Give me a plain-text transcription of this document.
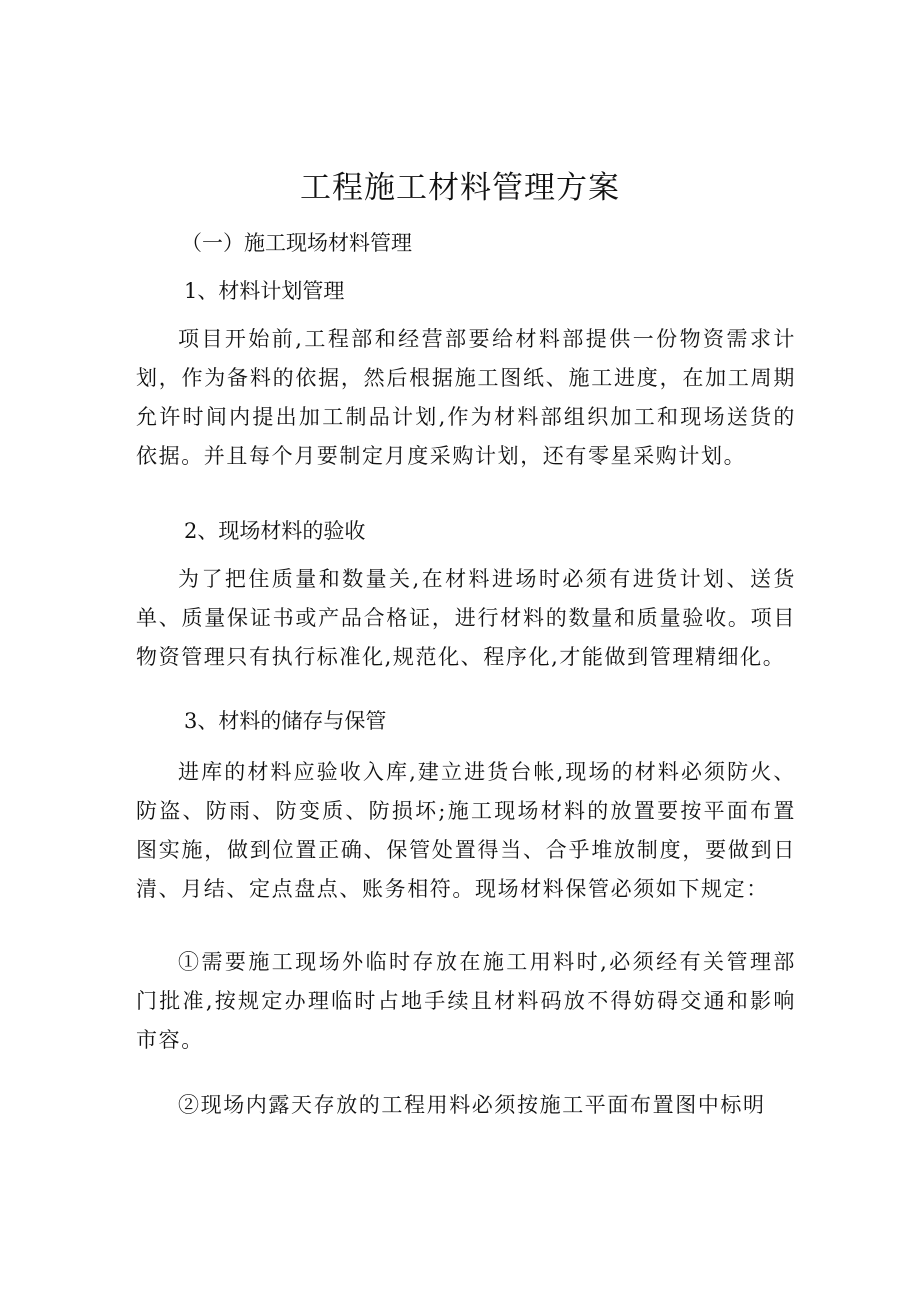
工程施工材料管理方案
（一）施工现场材料管理
1、材料计划管理
项目开始前,工程部和经营部要给材料部提供一份物资需求计划，作为备料的依据，然后根据施工图纸、施工进度，在加工周期允许时间内提出加工制品计划,作为材料部组织加工和现场送货的依据。并且每个月要制定月度采购计划，还有零星采购计划。
2、现场材料的验收
为了把住质量和数量关,在材料进场时必须有进货计划、送货单、质量保证书或产品合格证，进行材料的数量和质量验收。项目物资管理只有执行标准化,规范化、程序化,才能做到管理精细化。
3、材料的储存与保管
进库的材料应验收入库,建立进货台帐,现场的材料必须防火、防盗、防雨、防变质、防损坏;施工现场材料的放置要按平面布置图实施，做到位置正确、保管处置得当、合乎堆放制度，要做到日清、月结、定点盘点、账务相符。现场材料保管必须如下规定：
①需要施工现场外临时存放在施工用料时,必须经有关管理部门批准,按规定办理临时占地手续且材料码放不得妨碍交通和影响市容。
②现场内露天存放的工程用料必须按施工平面布置图中标明
